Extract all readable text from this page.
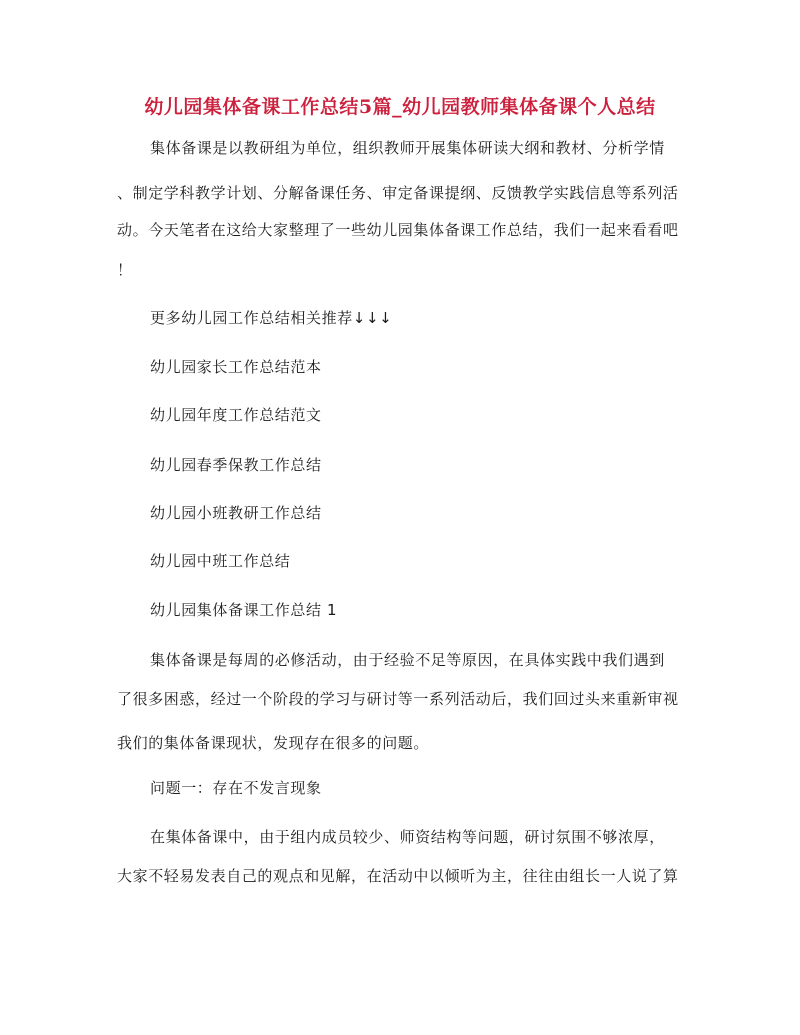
幼儿园集体备课工作总结5篇_幼儿园教师集体备课个人总结
集体备课是以教研组为单位，组织教师开展集体研读大纲和教材、分析学情
、制定学科教学计划、分解备课任务、审定备课提纲、反馈教学实践信息等系列活
动。今天笔者在这给大家整理了一些幼儿园集体备课工作总结，我们一起来看看吧
！
更多幼儿园工作总结相关推荐↓↓↓
幼儿园家长工作总结范本
幼儿园年度工作总结范文
幼儿园春季保教工作总结
幼儿园小班教研工作总结
幼儿园中班工作总结
幼儿园集体备课工作总结 1
集体备课是每周的必修活动，由于经验不足等原因，在具体实践中我们遇到
了很多困惑，经过一个阶段的学习与研讨等一系列活动后，我们回过头来重新审视
我们的集体备课现状，发现存在很多的问题。
问题一：存在不发言现象
在集体备课中，由于组内成员较少、师资结构等问题，研讨氛围不够浓厚，
大家不轻易发表自己的观点和见解，在活动中以倾听为主，往往由组长一人说了算
